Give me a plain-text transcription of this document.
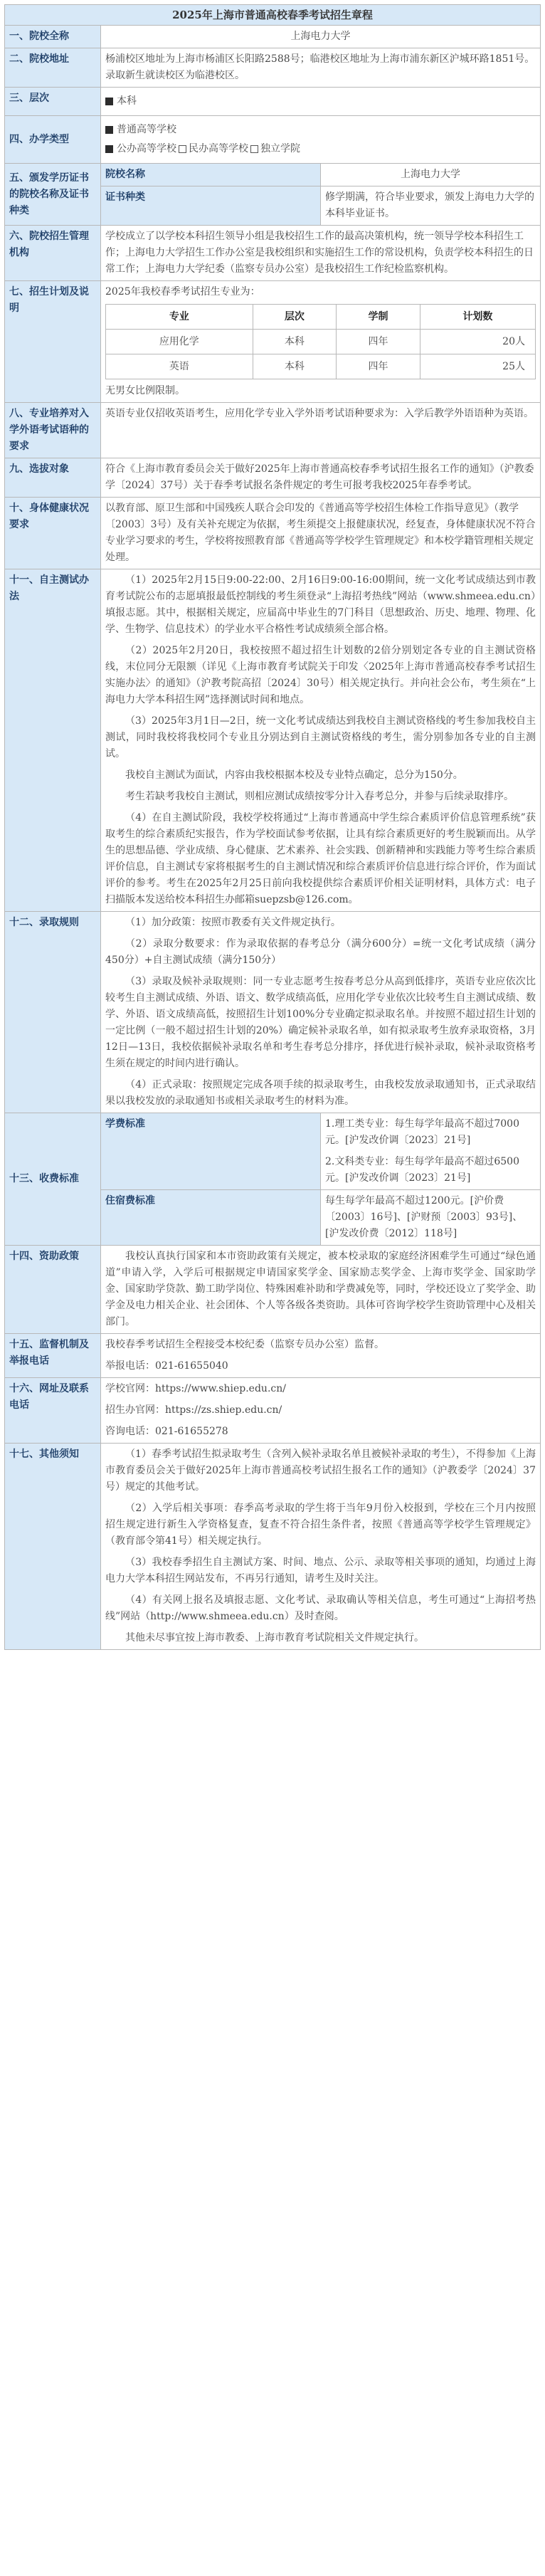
2025年上海市普通高校春季考试招生章程
一、院校全称	上海电力大学
二、院校地址	杨浦校区地址为上海市杨浦区长阳路2588号；临港校区地址为上海市浦东新区沪城环路1851号。录取新生就读校区为临港校区。
三、层次	本科

四、办学类型	
普通高等学校
公办高等学校 民办高等学校 独立学院

五、颁发学历证书的院校名称及证书种类	院校名称	上海电力大学
证书种类	修学期满，符合毕业要求，颁发上海电力大学的本科毕业证书。
六、院校招生管理机构	学校成立了以学校本科招生领导小组是我校招生工作的最高决策机构，统一领导学校本科招生工作；上海电力大学招生工作办公室是我校组织和实施招生工作的常设机构，负责学校本科招生的日常工作；上海电力大学纪委（监察专员办公室）是我校招生工作纪检监察机构。
七、招生计划及说明	
2025年我校春季考试招生专业为：
专业	层次	学制	计划数
应用化学	本科	四年	20人
英语	本科	四年	25人
无男女比例限制。

八、专业培养对入学外语考试语种的要求	英语专业仅招收英语考生，应用化学专业入学外语考试语种要求为：入学后教学外语语种为英语。
九、选拔对象	符合《上海市教育委员会关于做好2025年上海市普通高校春季考试招生报名工作的通知》（沪教委学〔2024〕37号）关于春季考试报名条件规定的考生可报考我校2025年春季考试。
十、身体健康状况要求	以教育部、原卫生部和中国残疾人联合会印发的《普通高等学校招生体检工作指导意见》（教学〔2003〕3号）及有关补充规定为依据，考生须提交上报健康状况，经复查，身体健康状况不符合专业学习要求的考生，学校将按照教育部《普通高等学校学生管理规定》和本校学籍管理相关规定处理。
十一、自主测试办法	

（1）2025年2月15日9:00-22:00、2月16日9:00-16:00期间，统一文化考试成绩达到市教育考试院公布的志愿填报最低控制线的考生须登录“上海招考热线”网站（www.shmeea.edu.cn）填报志愿。其中，根据相关规定，应届高中毕业生的7门科目（思想政治、历史、地理、物理、化学、生物学、信息技术）的学业水平合格性考试成绩须全部合格。

（2）2025年2月20日，我校按照不超过招生计划数的2倍分别划定各专业的自主测试资格线，末位同分无限额（详见《上海市教育考试院关于印发〈2025年上海市普通高校春季考试招生实施办法〉的通知》（沪教考院高招〔2024〕30号）相关规定执行。并向社会公布，考生须在“上海电力大学本科招生网”选择测试时间和地点。

（3）2025年3月1日—2日，统一文化考试成绩达到我校自主测试资格线的考生参加我校自主测试，同时我校将我校同个专业且分别达到自主测试资格线的考生，需分别参加各专业的自主测试。

我校自主测试为面试，内容由我校根据本校及专业特点确定，总分为150分。

考生若缺考我校自主测试，则相应测试成绩按零分计入春考总分，并参与后续录取排序。

（4）在自主测试阶段，我校学校将通过“上海市普通高中学生综合素质评价信息管理系统”获取考生的综合素质纪实报告，作为学校面试参考依据，让具有综合素质更好的考生脱颖而出。从学生的思想品德、学业成绩、身心健康、艺术素养、社会实践、创新精神和实践能力等考生综合素质评价信息，自主测试专家将根据考生的自主测试情况和综合素质评价信息进行综合评价，作为面试评价的参考。考生在2025年2月25日前向我校提供综合素质评价相关证明材料，具体方式：电子扫描版本发送给校本科招生办邮箱suepzsb@126.com。

十二、录取规则	（1）加分政策：按照市教委有关文件规定执行。

（2）录取分数要求：作为录取依据的春考总分（满分600分）=统一文化考试成绩（满分450分）+自主测试成绩（满分150分）

（3）录取及候补录取规则：同一专业志愿考生按春考总分从高到低排序，英语专业应依次比较考生自主测试成绩、外语、语文、数学成绩高低，应用化学专业依次比较考生自主测试成绩、数学、外语、语文成绩高低，按照招生计划100%分专业确定拟录取名单。并按照不超过招生计划的一定比例（一般不超过招生计划的20%）确定候补录取名单，如有拟录取考生放弃录取资格，3月12日—13日，我校依据候补录取名单和考生春考总分排序，择优进行候补录取，候补录取资格考生须在规定的时间内进行确认。

（4）正式录取：按照规定完成各项手续的拟录取考生，由我校发放录取通知书，正式录取结果以我校发放的录取通知书或相关录取考生的材料为准。

十三、收费标准	学费标准	1.理工类专业：每生每学年最高不超过7000元。[沪发改价调〔2023〕21号]

2.文科类专业：每生每学年最高不超过6500元。[沪发改价调〔2023〕21号]

住宿费标准	每生每学年最高不超过1200元。[沪价费〔2003〕16号]、[沪财预〔2003〕93号]、[沪发改价费〔2012〕118号]
十四、资助政策	我校认真执行国家和本市资助政策有关规定，被本校录取的家庭经济困难学生可通过“绿色通道”申请入学，入学后可根据规定申请国家奖学金、国家励志奖学金、上海市奖学金、国家助学金、国家助学贷款、勤工助学岗位、特殊困难补助和学费减免等，同时，学校还设立了奖学金、助学金及电力相关企业、社会团体、个人等各级各类资助。具体可咨询学校学生资助管理中心及相关部门。

十五、监督机制及举报电话	

我校春季考试招生全程接受本校纪委（监察专员办公室）监督。

举报电话：021-61655040

十六、网址及联系电话	

学校官网：https://www.shiep.edu.cn/

招生办官网：https://zs.shiep.edu.cn/

咨询电话：021-61655278

十七、其他须知	（1）春季考试招生拟录取考生（含列入候补录取名单且被候补录取的考生），不得参加《上海市教育委员会关于做好2025年上海市普通高校考试招生报名工作的通知》（沪教委学〔2024〕37号）规定的其他考试。

（2）入学后相关事项：春季高考录取的学生将于当年9月份入校报到，学校在三个月内按照招生规定进行新生入学资格复查，复查不符合招生条件者，按照《普通高等学校学生管理规定》（教育部令第41号）相关规定执行。

（3）我校春季招生自主测试方案、时间、地点、公示、录取等相关事项的通知，均通过上海电力大学本科招生网站发布，不再另行通知，请考生及时关注。

（4）有关网上报名及填报志愿、文化考试、录取确认等相关信息，考生可通过“上海招考热线”网站（http://www.shmeea.edu.cn）及时查阅。

其他未尽事宜按上海市教委、上海市教育考试院相关文件规定执行。
